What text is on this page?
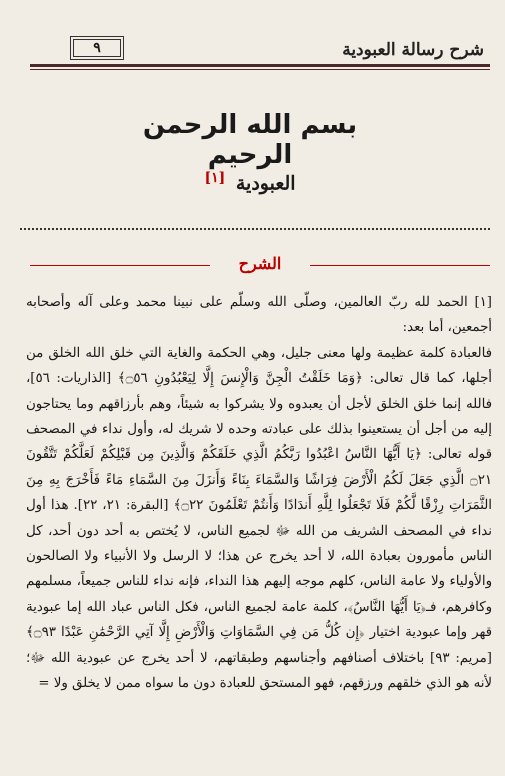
شرح رسالة العبودية
٩
بسم الله الرحمن الرحيم
العبودية [١]
الشرح

[١] الحمد لله ربّ العالمين، وصلّى الله وسلّم على نبينا محمد وعلى آله وأصحابه أجمعين، أما بعد:

فالعبادة كلمة عظيمة ولها معنى جليل، وهي الحكمة والغاية التي خلق الله الخلق من أجلها، كما قال تعالى: ﴿وَمَا خَلَقْتُ الْجِنَّ وَالْإِنسَ إِلَّا لِيَعْبُدُونِ ۝٥٦﴾ [الذاريات: ٥٦]، فالله إنما خلق الخلق لأجل أن يعبدوه ولا يشركوا به شيئاً، وهم بأرزاقهم وما يحتاجون إليه من أجل أن يستعينوا بذلك على عبادته وحده لا شريك له، وأول نداء في المصحف قوله تعالى: ﴿يَا أَيُّهَا النَّاسُ اعْبُدُوا رَبَّكُمُ الَّذِي خَلَقَكُمْ وَالَّذِينَ مِن قَبْلِكُمْ لَعَلَّكُمْ تَتَّقُونَ ۝٢١ الَّذِي جَعَلَ لَكُمُ الْأَرْضَ فِرَاشًا وَالسَّمَاءَ بِنَاءً وَأَنزَلَ مِنَ السَّمَاءِ مَاءً فَأَخْرَجَ بِهِ مِنَ الثَّمَرَاتِ رِزْقًا لَّكُمْ فَلَا تَجْعَلُوا لِلَّهِ أَندَادًا وَأَنتُمْ تَعْلَمُونَ ۝٢٢﴾ [البقرة: ٢١، ٢٢]. هذا أول نداء في المصحف الشريف من الله ﷻ لجميع الناس، لا يُختص به أحد دون أحد، كل الناس مأمورون بعبادة الله، لا أحد يخرج عن هذا؛ لا الرسل ولا الأنبياء ولا الصالحون والأولياء ولا عامة الناس، كلهم موجه إليهم هذا النداء، فإنه نداء للناس جميعاً، مسلمهم وكافرهم، فـ﴿يَا أَيُّهَا النَّاسُ﴾، كلمة عامة لجميع الناس، فكل الناس عباد الله إما عبودية قهر وإما عبودية اختيار ﴿إِن كُلُّ مَن فِي السَّمَاوَاتِ وَالْأَرْضِ إِلَّا آتِي الرَّحْمَٰنِ عَبْدًا ۝٩٣﴾ [مريم: ٩٣] باختلاف أصنافهم وأجناسهم وطبقاتهم، لا أحد يخرج عن عبودية الله ﷻ؛ لأنه هو الذي خلقهم ورزقهم، فهو المستحق للعبادة دون ما سواه ممن لا يخلق ولا =
